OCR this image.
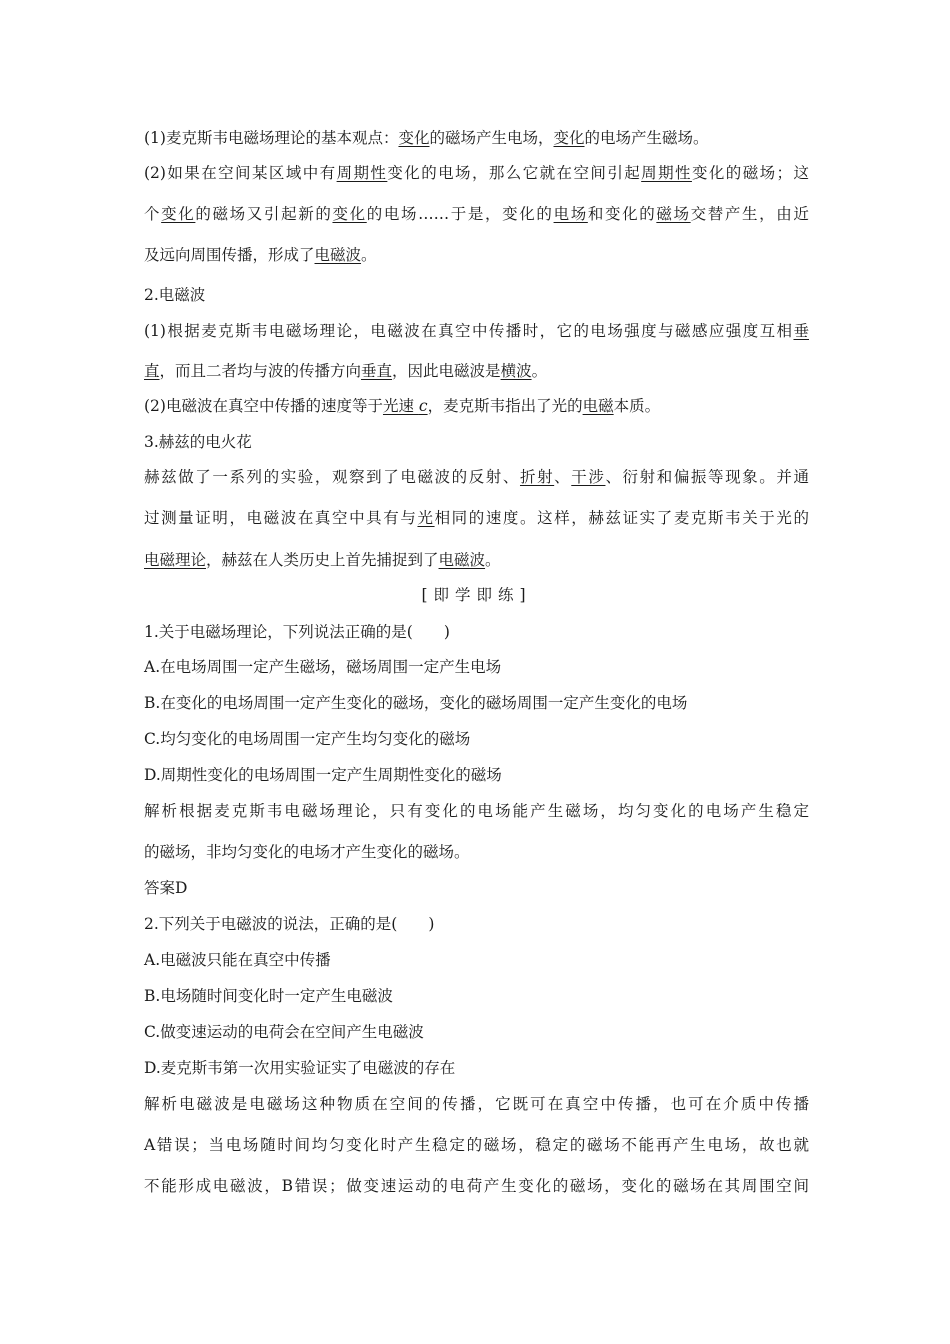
(1)麦克斯韦电磁场理论的基本观点：变化的磁场产生电场，变化的电场产生磁场。
(2)如果在空间某区域中有周期性变化的电场，那么它就在空间引起周期性变化的磁场；这
个变化的磁场又引起新的变化的电场……于是，变化的电场和变化的磁场交替产生，由近
及远向周围传播，形成了电磁波。
2.电磁波
(1)根据麦克斯韦电磁场理论，电磁波在真空中传播时，它的电场强度与磁感应强度互相垂
直，而且二者均与波的传播方向垂直，因此电磁波是横波。
(2)电磁波在真空中传播的速度等于光速 c，麦克斯韦指出了光的电磁本质。
3.赫兹的电火花
赫兹做了一系列的实验，观察到了电磁波的反射、折射、干涉、衍射和偏振等现象。并通
过测量证明，电磁波在真空中具有与光相同的速度。这样，赫兹证实了麦克斯韦关于光的
电磁理论，赫兹在人类历史上首先捕捉到了电磁波。
[即学即练]
1.关于电磁场理论，下列说法正确的是(　　)
A.在电场周围一定产生磁场，磁场周围一定产生电场
B.在变化的电场周围一定产生变化的磁场，变化的磁场周围一定产生变化的电场
C.均匀变化的电场周围一定产生均匀变化的磁场
D.周期性变化的电场周围一定产生周期性变化的磁场
解析根据麦克斯韦电磁场理论，只有变化的电场能产生磁场，均匀变化的电场产生稳定
的磁场，非均匀变化的电场才产生变化的磁场。
答案D
2.下列关于电磁波的说法，正确的是(　　)
A.电磁波只能在真空中传播
B.电场随时间变化时一定产生电磁波
C.做变速运动的电荷会在空间产生电磁波
D.麦克斯韦第一次用实验证实了电磁波的存在
解析电磁波是电磁场这种物质在空间的传播，它既可在真空中传播，也可在介质中传播
A错误；当电场随时间均匀变化时产生稳定的磁场，稳定的磁场不能再产生电场，故也就
不能形成电磁波，B错误；做变速运动的电荷产生变化的磁场，变化的磁场在其周围空间
